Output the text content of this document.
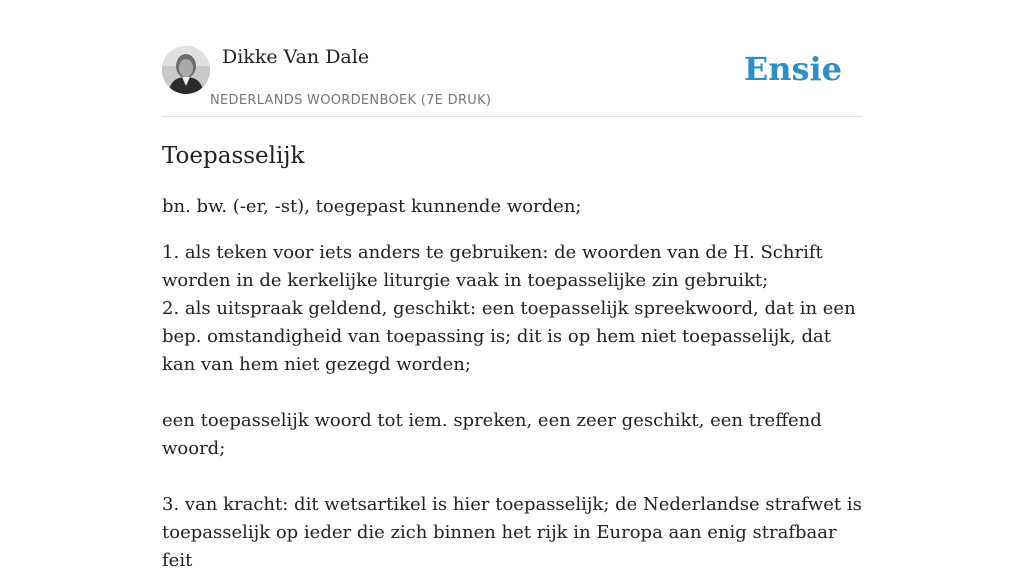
Dikke Van Dale
NEDERLANDS WOORDENBOEK (7E DRUK)
Ensie
Toepasselijk

bn. bw. (-er, -st), toegepast kunnende worden;

1. als teken voor iets anders te gebruiken: de woorden van de H. Schrift worden in de kerkelijke liturgie vaak in toepasselijke zin gebruikt;

2. als uitspraak geldend, geschikt: een toepasselijk spreekwoord, dat in een bep. omstandigheid van toepassing is; dit is op hem niet toepasselijk, dat kan van hem niet gezegd worden;

een toepasselijk woord tot iem. spreken, een zeer geschikt, een treffend woord;

3. van kracht: dit wetsartikel is hier toepasselijk; de Nederlandse strafwet is toepasselijk op ieder die zich binnen het rijk in Europa aan enig strafbaar feit
